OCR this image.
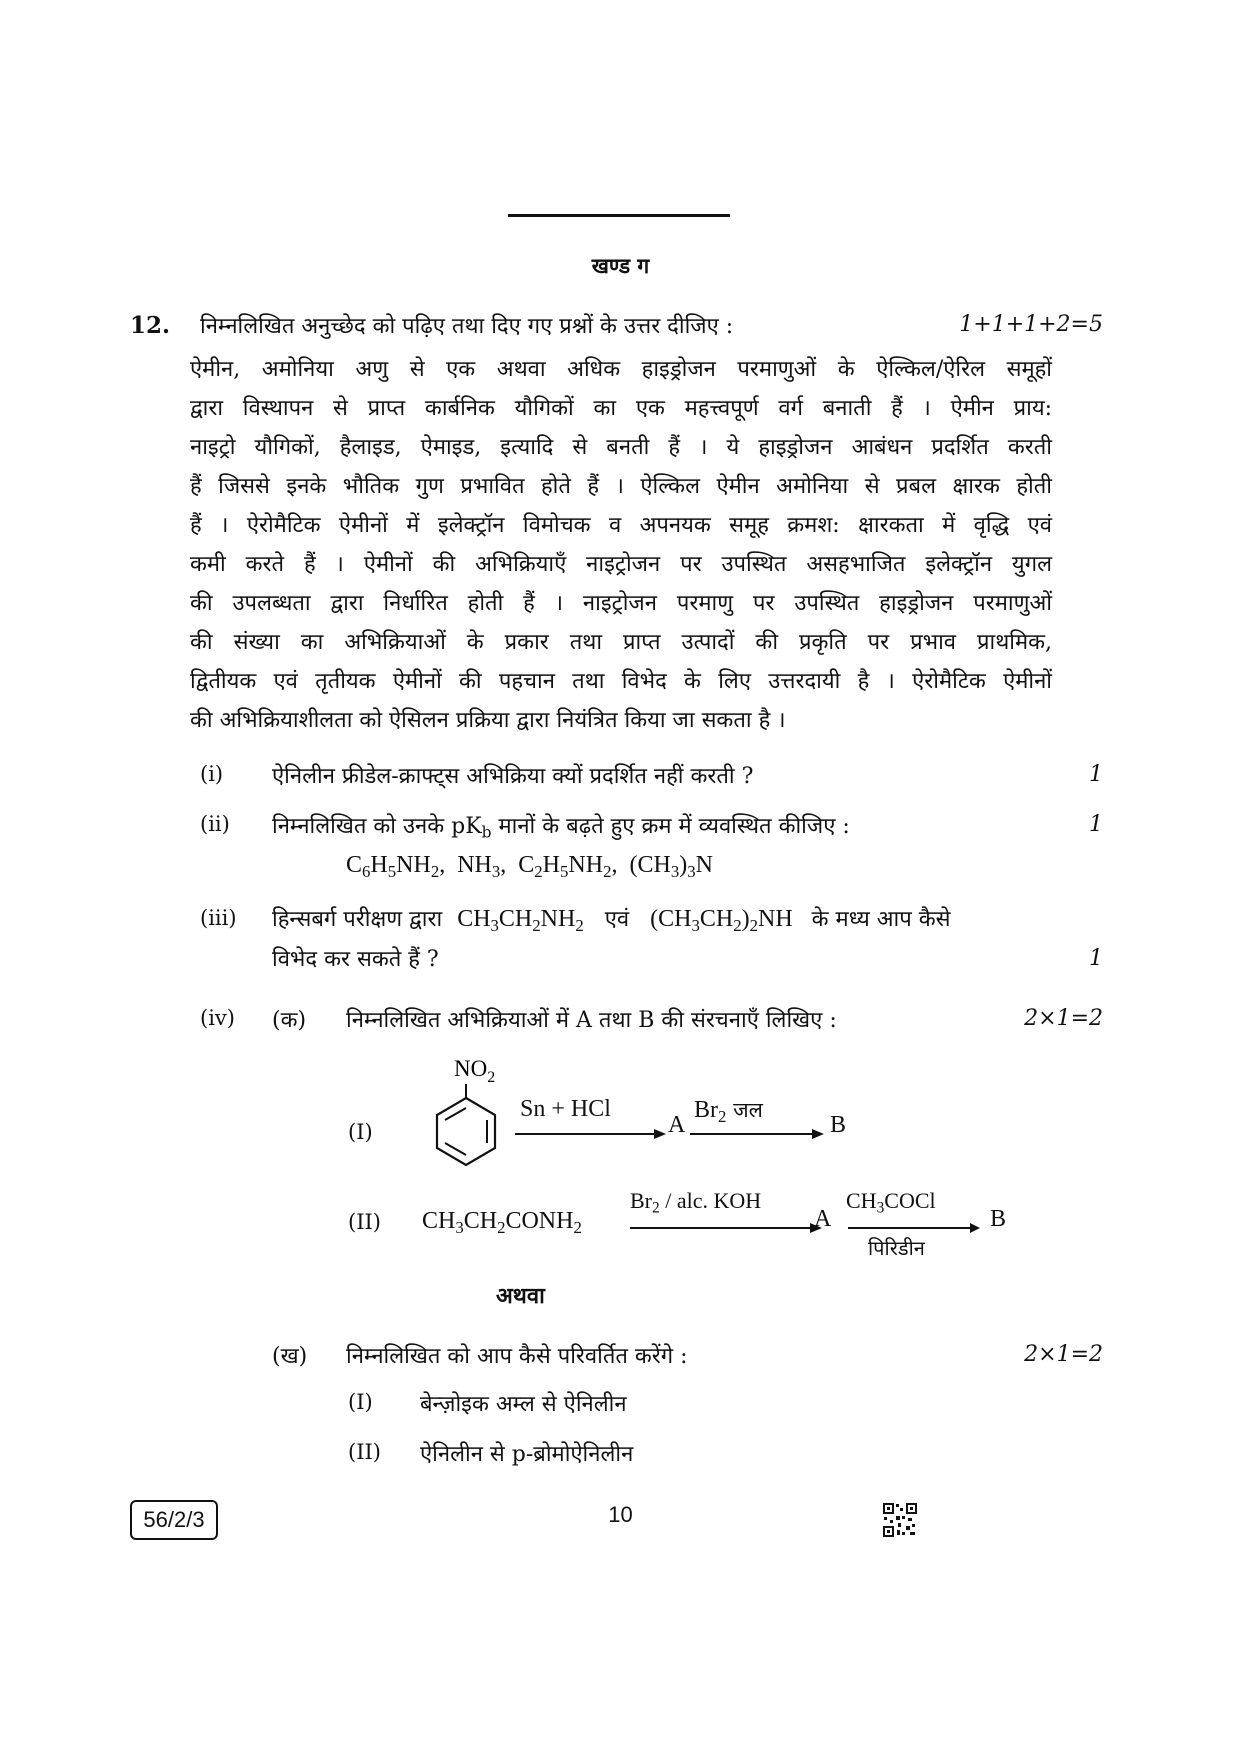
खण्ड ग
12. निम्नलिखित अनुच्छेद को पढ़िए तथा दिए गए प्रश्नों के उत्तर दीजिए :	1+1+1+2=5
ऐमीन, अमोनिया अणु से एक अथवा अधिक हाइड्रोजन परमाणुओं के ऐल्किल/ऐरिल समूहों
द्वारा विस्थापन से प्राप्त कार्बनिक यौगिकों का एक महत्त्वपूर्ण वर्ग बनाती हैं । ऐमीन प्राय:
नाइट्रो यौगिकों, हैलाइड, ऐमाइड, इत्यादि से बनती हैं । ये हाइड्रोजन आबंधन प्रदर्शित करती
हैं जिससे इनके भौतिक गुण प्रभावित होते हैं । ऐल्किल ऐमीन अमोनिया से प्रबल क्षारक होती
हैं । ऐरोमैटिक ऐमीनों में इलेक्ट्रॉन विमोचक व अपनयक समूह क्रमश: क्षारकता में वृद्धि एवं
कमी करते हैं । ऐमीनों की अभिक्रियाएँ नाइट्रोजन पर उपस्थित असहभाजित इलेक्ट्रॉन युगल
की उपलब्धता द्वारा निर्धारित होती हैं । नाइट्रोजन परमाणु पर उपस्थित हाइड्रोजन परमाणुओं
की संख्या का अभिक्रियाओं के प्रकार तथा प्राप्त उत्पादों की प्रकृति पर प्रभाव प्राथमिक,
द्वितीयक एवं तृतीयक ऐमीनों की पहचान तथा विभेद के लिए उत्तरदायी है । ऐरोमैटिक ऐमीनों
की अभिक्रियाशीलता को ऐसिलन प्रक्रिया द्वारा नियंत्रित किया जा सकता है ।
(i) ऐनिलीन फ्रीडेल-क्राफ्ट्स अभिक्रिया क्यों प्रदर्शित नहीं करती ?	1
(ii) निम्नलिखित को उनके $pK_b$ मानों के बढ़ते हुए क्रम में व्यवस्थित कीजिए :	1
$C_6H_5NH_2$,  $NH_3$,  $C_2H_5NH_2$,  $(CH_3)_3N$
(iii) हिन्सबर्ग परीक्षण द्वारा $CH_3CH_2NH_2$ एवं $(CH_3CH_2)_2NH$ के मध्य आप कैसे
विभेद कर सकते हैं ?	1
(iv) (क) निम्नलिखित अभिक्रियाओं में A तथा B की संरचनाएँ लिखिए :	2×1=2
(I)
$NO_2$
Sn + HCl
A
$Br_2$ जल
B
(II) $CH_3CH_2CONH_2$
$Br_2$ / alc. KOH
A
$CH_3COCl$
पिरिडीन
B
अथवा
(ख) निम्नलिखित को आप कैसे परिवर्तित करेंगे :	2×1=2
(I) बेन्ज़ोइक अम्ल से ऐनिलीन
(II) ऐनिलीन से p-ब्रोमोऐनिलीन
56/2/3	10
